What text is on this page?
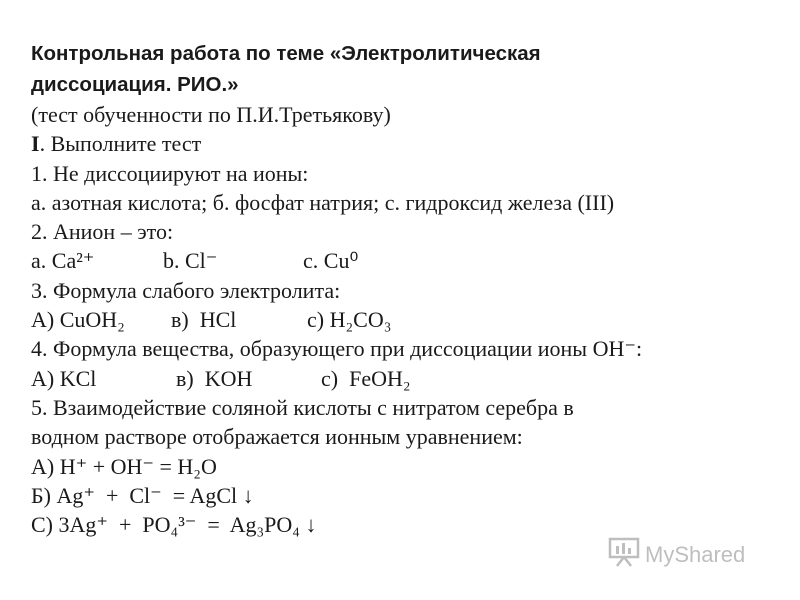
Контрольная работа по теме «Электролитическая

диссоциация. РИО.»

(тест обученности по П.И.Третьякову)

I. Выполните тест

1. Не диссоциируют на ионы:

а. азотная кислота; б. фосфат натрия; с. гидроксид железа (III)

2. Анион – это:

а. Ca²⁺	b. Cl⁻	c. Cu⁰

3. Формула слабого электролита:

А) CuOH₂ в)  HCl	с) H₂CO₃

4. Формула вещества, образующего при диссоциации ионы OH⁻:

А) KCl	в)  KOH	с)  FeOH₂

5. Взаимодействие соляной кислоты с нитратом серебра в

водном растворе отображается ионным уравнением:

А) H⁺ + OH⁻ = H₂O

Б) Ag⁺  +  Cl⁻  = AgCl ↓

С) 3Ag⁺  +  PO₄³⁻  =  Ag₃PO₄ ↓

MyShared
